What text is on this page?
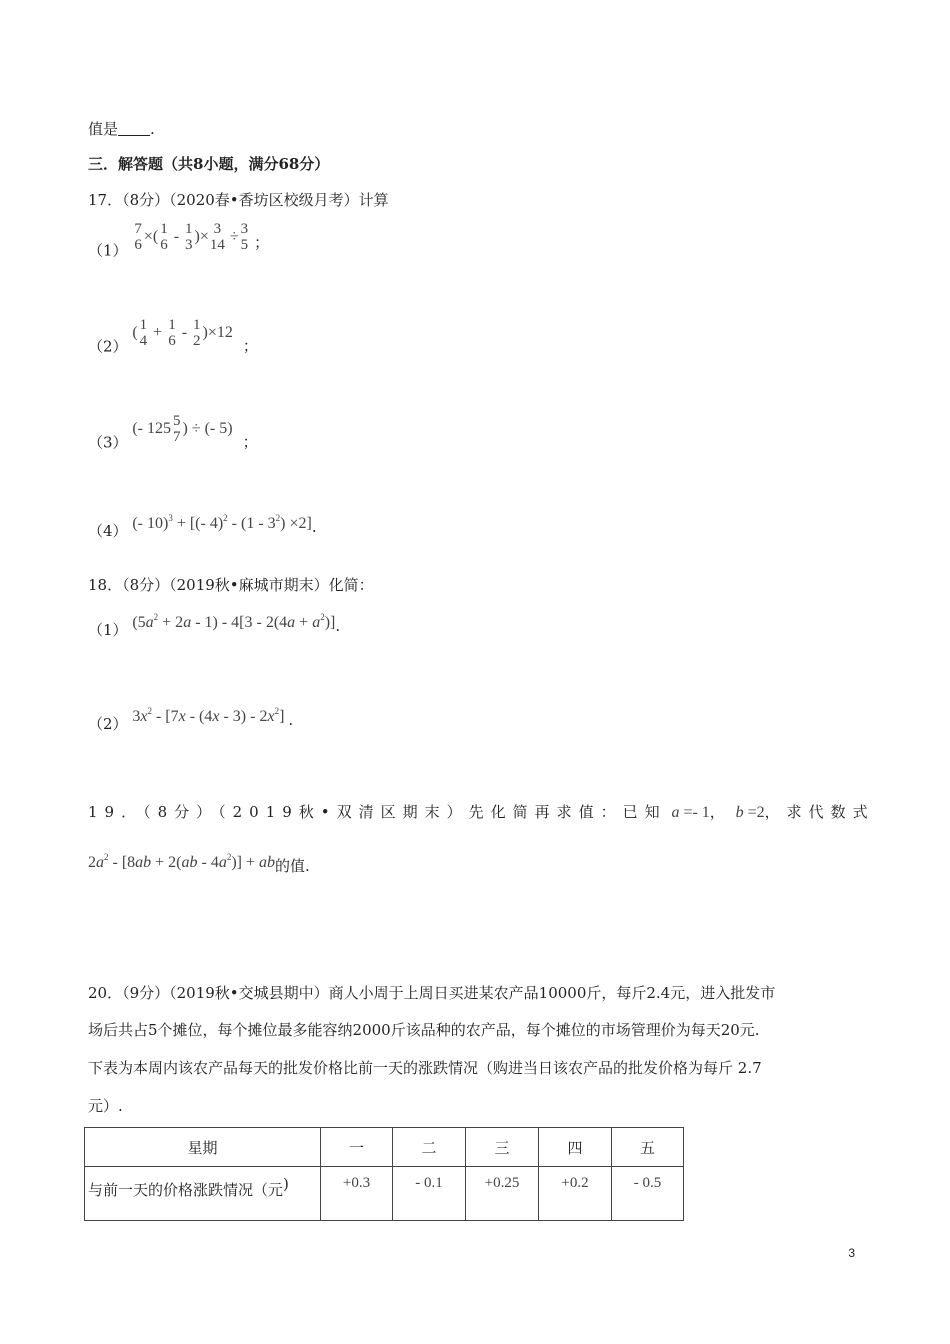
值是 .
三．解答题（共8小题，满分68分）
17．（8分）（2020春•香坊区校级月考）计算
（1）
7
6 ×( 1
6 - 1
3 )× 3
14 ÷ 3
5 ；
（2） ( 1
4 + 1
6 - 1
2 )×12 ；
（3） (- 125 5
7 ) ÷ (- 5) ；
（4） (- 10)$^3$ + [(- $4)^2 - (1 - 3^2) \times 2$].
18．（8分）（2019秋•麻城市期末）化简：
（1） $(5a^2 + 2a - 1) - 4[3 - 2(4a + a^2)]$.
（2） $3x^2 - [7x - (4x - 3) - 2x^2]$ .
19．（8分）（2019秋•双清区期末）先化简再求值：已知 a =- 1， b =2，求代数式
$2a^2 - [8ab + 2(ab - 4a^2)]$ + ab的值.
20．（9分）（2019秋•交城县期中）商人小周于上周日买进某农产品10000斤，每斤2.4元，进入批发市
场后共占5个摊位，每个摊位最多能容纳2000斤该品种的农产品，每个摊位的市场管理价为每天20元.
下表为本周内该农产品每天的批发价格比前一天的涨跌情况（购进当日该农产品的批发价格为每斤 2.7
元）.
星期	一	二	三	四	五
与前一天的价格涨跌情况（元)	+0.3	- 0.1	+0.25	+0.2	- 0.5
3
